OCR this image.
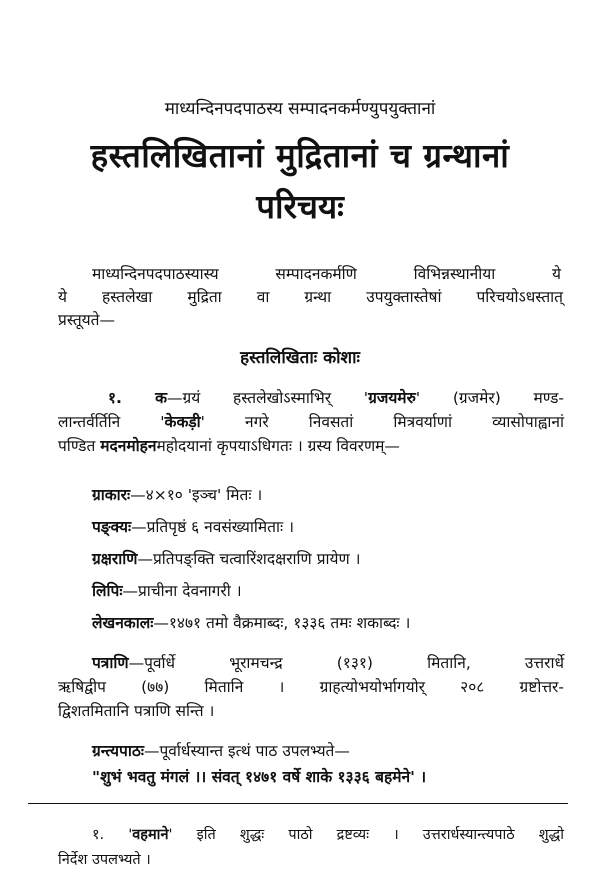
माध्यन्दिनपदपाठस्य सम्पादनकर्मण्युपयुक्तानां
हस्तलिखितानां मुद्रितानां च ग्रन्थानां
परिचयः
माध्यन्दिनपदपाठस्यास्य सम्पादनकर्मणि विभिन्नस्थानीया ये
ये हस्तलेखा मुद्रिता वा ग्रन्था उपयुक्तास्तेषां परिचयोऽधस्तात्
प्रस्तूयते—
हस्तलिखिताः कोशाः
१. क—ग्रयं हस्तलेखोऽस्माभिर् 'ग्रजयमेरु' (ग्रजमेर) मण्ड-
लान्तर्वर्तिनि 'केकड़ी' नगरे निवसतां मित्रवर्याणां व्यासोपाह्वानां
पण्डित मदनमोहनमहोदयानां कृपयाऽधिगतः । ग्रस्य विवरणम्—
ग्राकारः—४×१० 'इञ्च' मितः ।
पङ्क्यः—प्रतिपृष्ठं ६ नवसंख्यामिताः ।
ग्रक्षराणि—प्रतिपङ्क्ति चत्वारिंशदक्षराणि प्रायेण ।
लिपिः—प्राचीना देवनागरी ।
लेखनकालः—१४७१ तमो वैक्रमाब्दः, १३३६ तमः शकाब्दः ।
पत्राणि—पूर्वार्धे भूरामचन्द्र (१३१) मितानि, उत्तरार्धे
ऋषिद्वीप (७७) मितानि । ग्राहत्योभयोर्भागयोर् २०८ ग्रष्टोत्तर-
द्विशतमितानि पत्राणि सन्ति ।
ग्रन्त्यपाठः—पूर्वार्धस्यान्त इत्थं पाठ उपलभ्यते—
"शुभं भवतु मंगलं ।। संवत् १४७१ वर्षे शाके १३३६ बहमेने' ।
१. 'वहमाने' इति शुद्धः पाठो द्रष्टव्यः । उत्तरार्धस्यान्त्यपाठे शुद्धो
निर्देश उपलभ्यते ।
